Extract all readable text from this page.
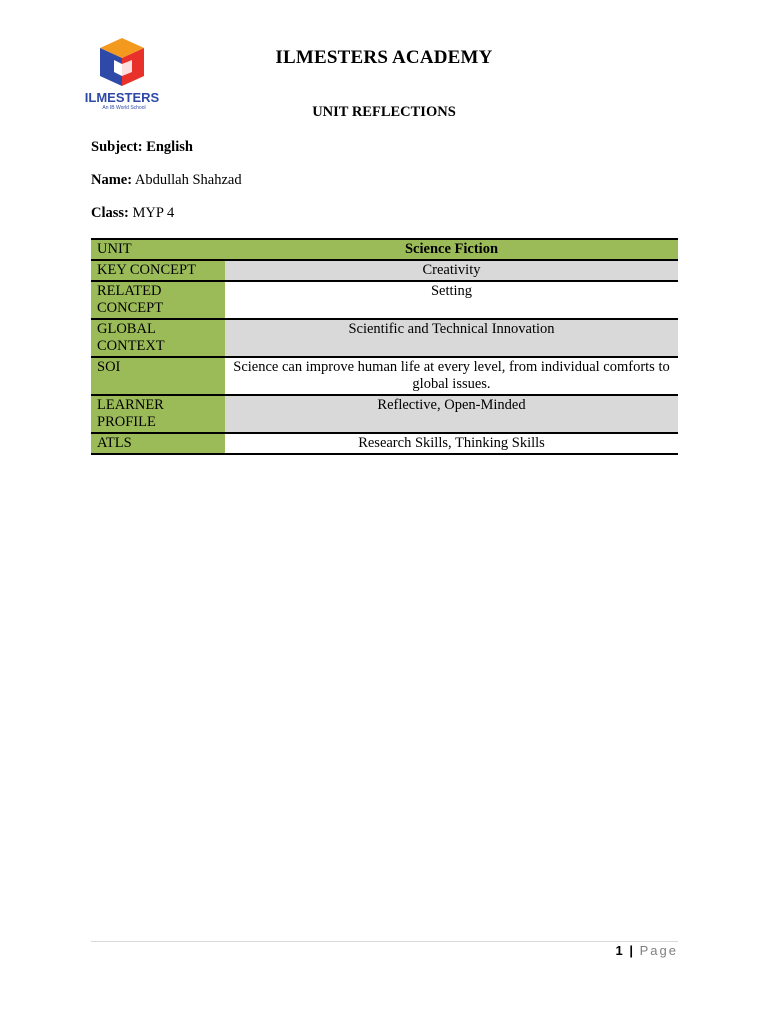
ILMESTERS
An IB World School
ILMESTERS ACADEMY
UNIT REFLECTIONS
Subject: English
Name: Abdullah Shahzad
Class: MYP 4
UNIT	Science Fiction
KEY CONCEPT	Creativity
RELATED CONCEPT	Setting
GLOBAL CONTEXT	Scientific and Technical Innovation
SOI	Science can improve human life at every level, from individual comforts to global issues.
LEARNER PROFILE	Reflective, Open-Minded
ATLS	Research Skills, Thinking Skills
1 | Page
